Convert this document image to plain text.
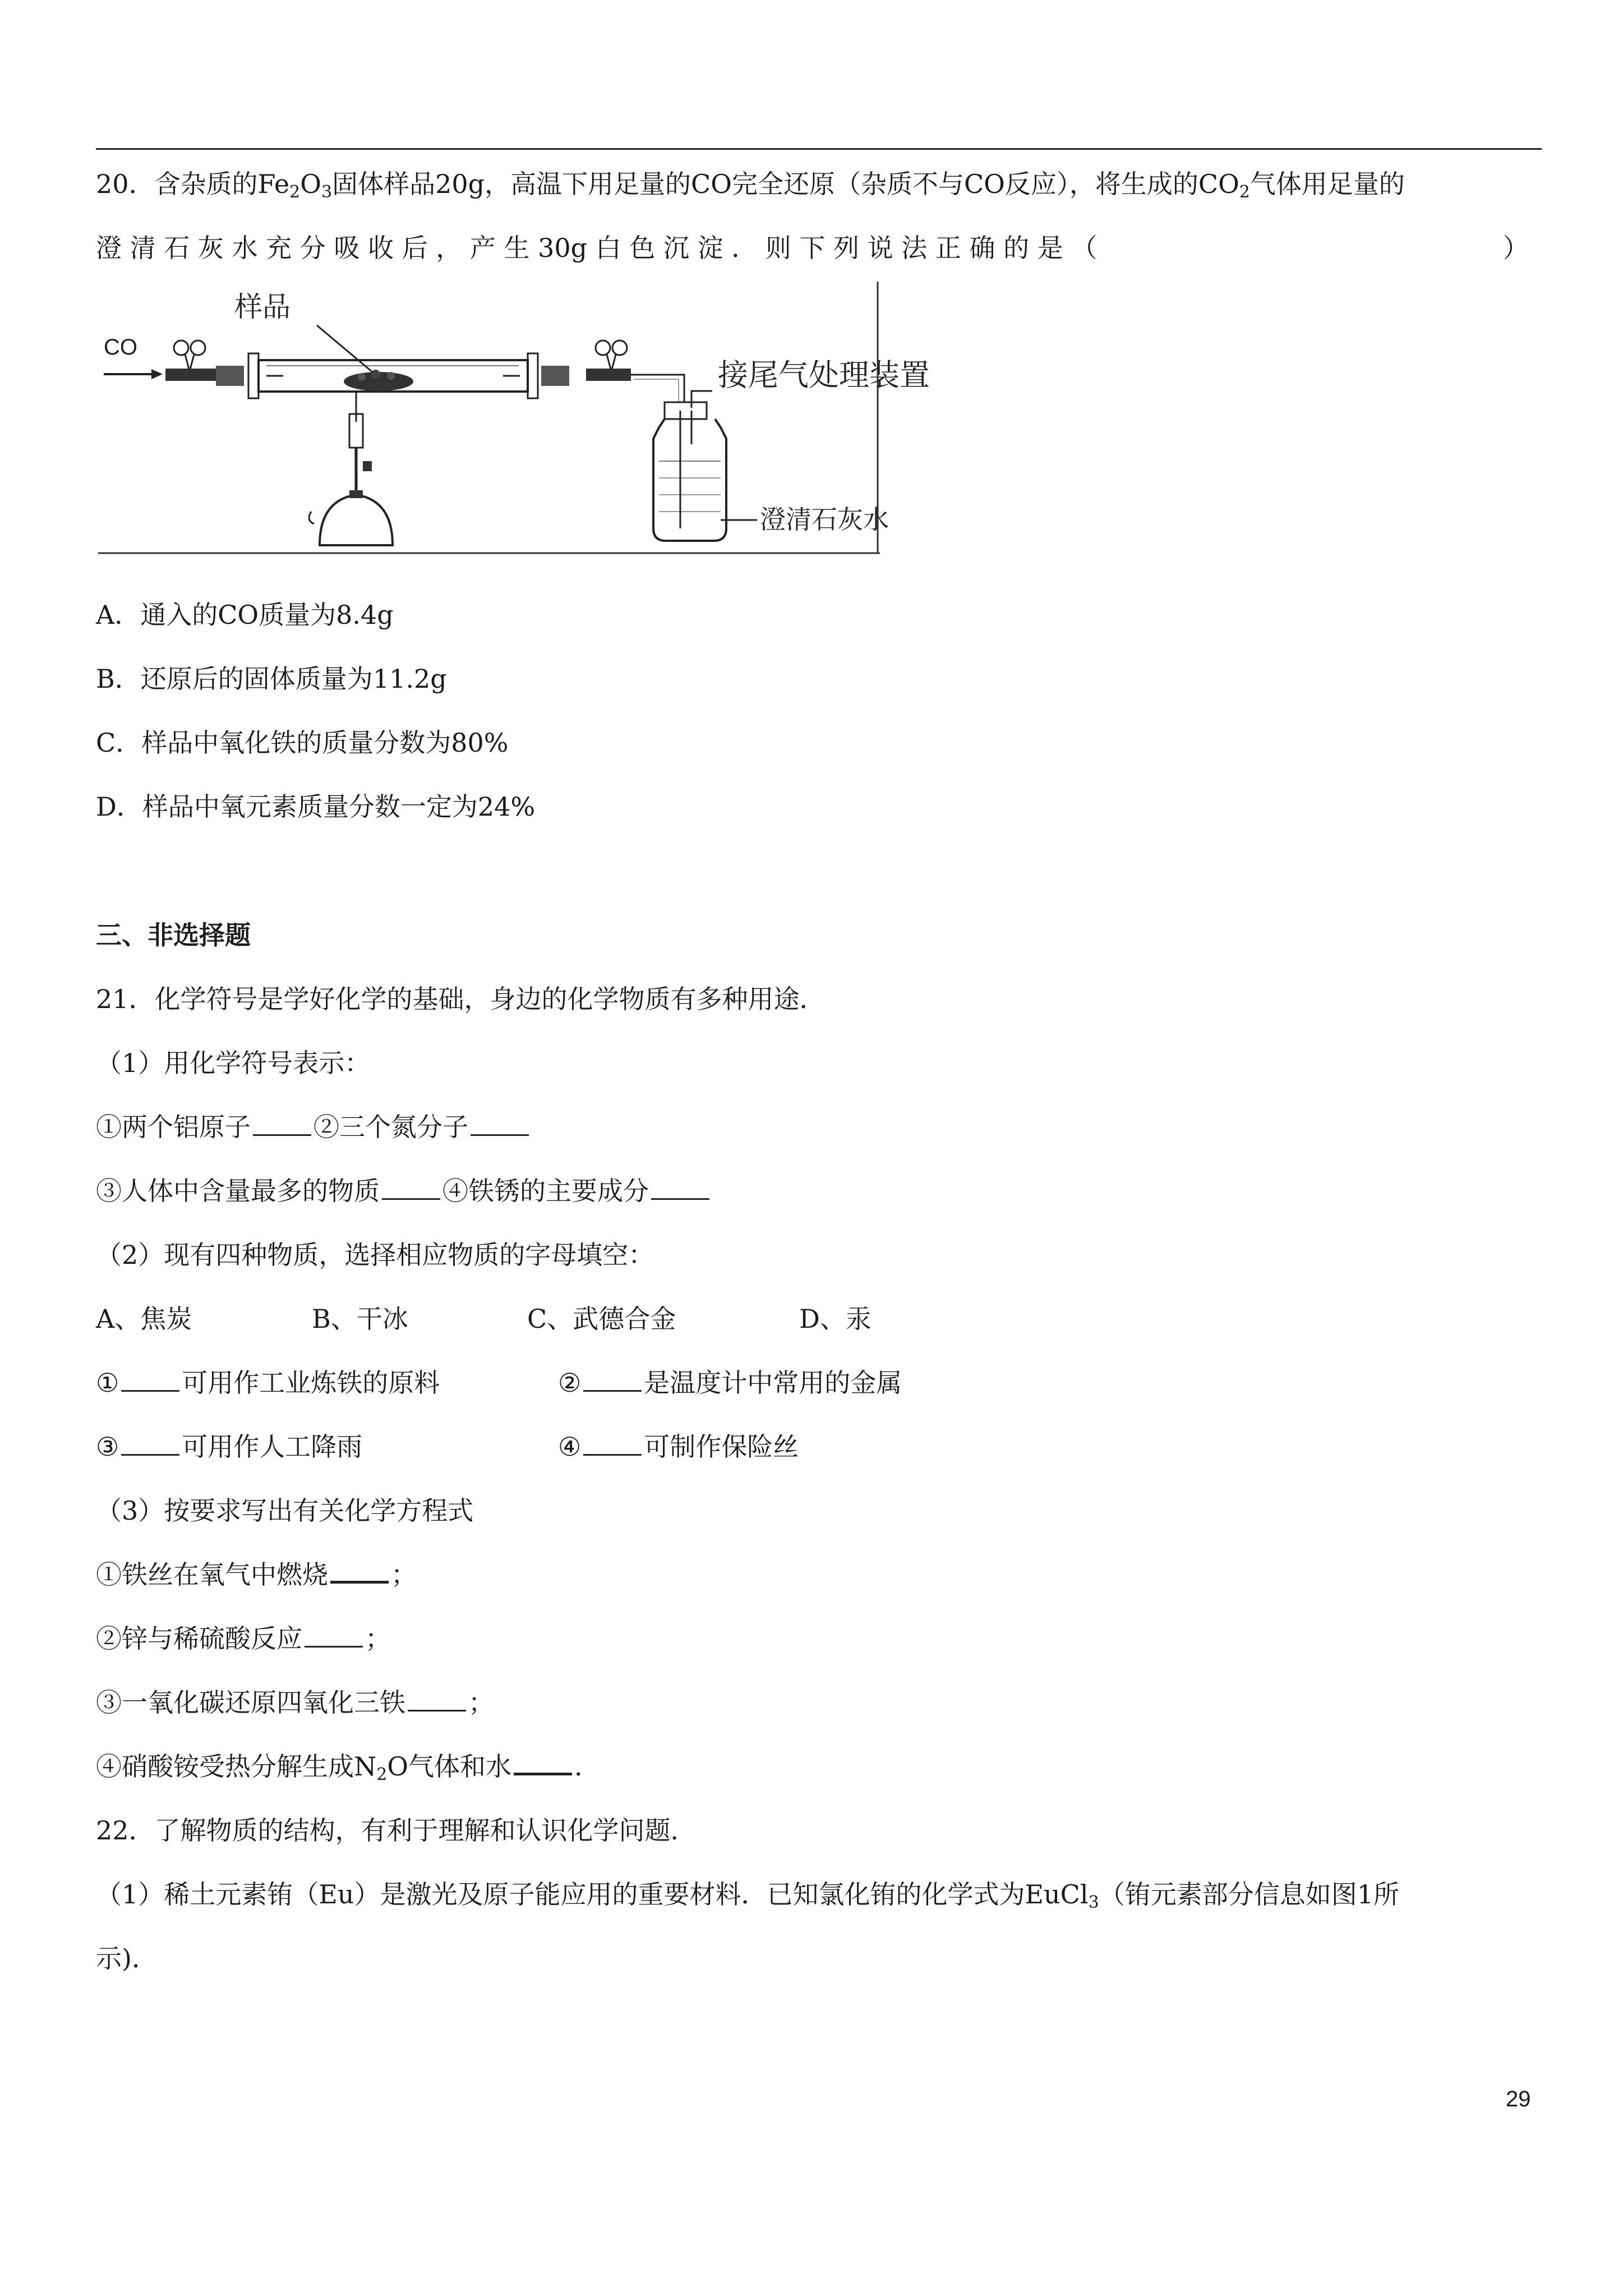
20．含杂质的$Fe_2O_3$固体样品20g，高温下用足量的CO完全还原（杂质不与CO反应），将生成的$CO_2$气体用足量的
澄 清 石 灰 水 充 分 吸 收 后 ， 产 生 30g 白 色 沉 淀 ． 则 下 列 说 法 正 确 的 是 （	）
CO
样品
接尾气处理装置
澄清石灰水
A．通入的CO质量为8.4g
B．还原后的固体质量为11.2g
C．样品中氧化铁的质量分数为80%
D．样品中氧元素质量分数一定为24%
三、非选择题
21．化学符号是学好化学的基础，身边的化学物质有多种用途．
（1）用化学符号表示：
①两个铝原子 ②三个氮分子
③人体中含量最多的物质 ④铁锈的主要成分
（2）现有四种物质，选择相应物质的字母填空：
A、焦炭	B、干冰	C、武德合金	D、汞
① 可用作工业炼铁的原料	② 是温度计中常用的金属
③ 可用作人工降雨	④ 可制作保险丝
（3）按要求写出有关化学方程式
①铁丝在氧气中燃烧 ；
②锌与稀硫酸反应 ；
③一氧化碳还原四氧化三铁 ；
④硝酸铵受热分解生成$N_2O$气体和水 ．
22．了解物质的结构，有利于理解和认识化学问题．
（1）稀土元素铕（Eu）是激光及原子能应用的重要材料．已知氯化铕的化学式为EuCl$_3$（铕元素部分信息如图1所
示)．
29
